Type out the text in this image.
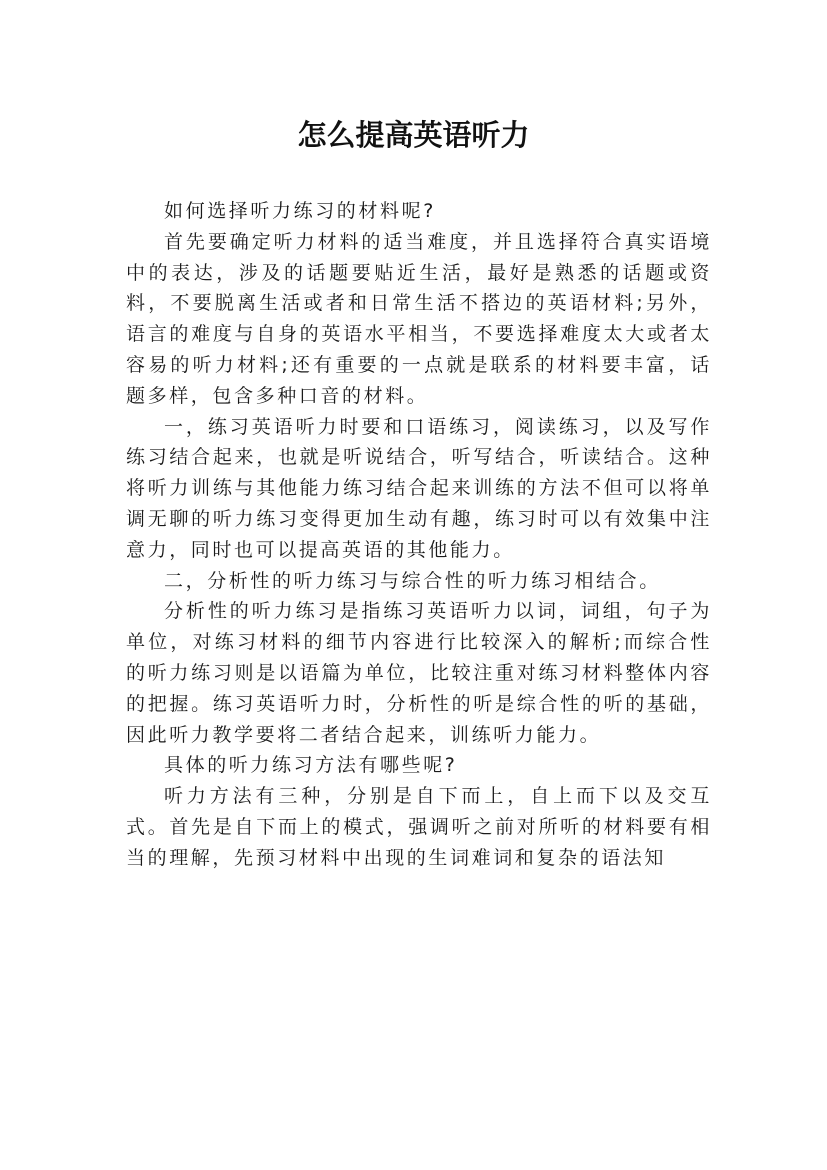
怎么提高英语听力

如何选择听力练习的材料呢?

首先要确定听力材料的适当难度，并且选择符合真实语境中的表达，涉及的话题要贴近生活，最好是熟悉的话题或资料，不要脱离生活或者和日常生活不搭边的英语材料;另外，语言的难度与自身的英语水平相当，不要选择难度太大或者太容易的听力材料;还有重要的一点就是联系的材料要丰富，话题多样，包含多种口音的材料。

一，练习英语听力时要和口语练习，阅读练习，以及写作练习结合起来，也就是听说结合，听写结合，听读结合。这种将听力训练与其他能力练习结合起来训练的方法不但可以将单调无聊的听力练习变得更加生动有趣，练习时可以有效集中注意力，同时也可以提高英语的其他能力。

二，分析性的听力练习与综合性的听力练习相结合。

分析性的听力练习是指练习英语听力以词，词组，句子为单位，对练习材料的细节内容进行比较深入的解析;而综合性的听力练习则是以语篇为单位，比较注重对练习材料整体内容的把握。练习英语听力时，分析性的听是综合性的听的基础，因此听力教学要将二者结合起来，训练听力能力。

具体的听力练习方法有哪些呢?

听力方法有三种，分别是自下而上，自上而下以及交互式。首先是自下而上的模式，强调听之前对所听的材料要有相当的理解，先预习材料中出现的生词难词和复杂的语法知
